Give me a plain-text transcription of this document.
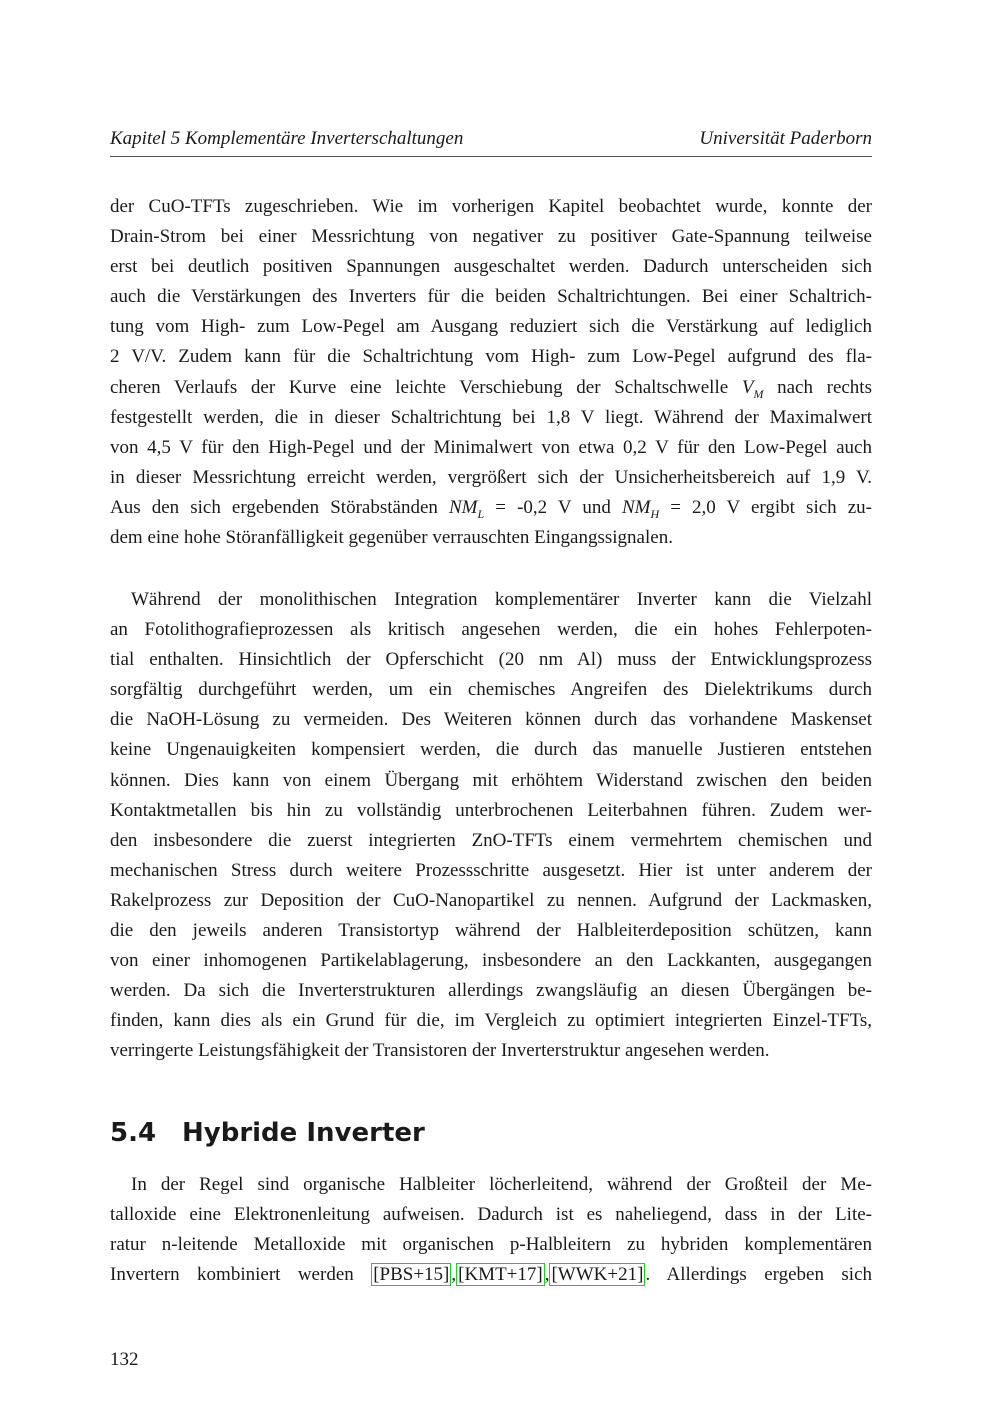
Kapitel 5 Komplementäre Inverterschaltungen	Universität Paderborn
der CuO-TFTs zugeschrieben. Wie im vorherigen Kapitel beobachtet wurde, konnte der
Drain-Strom bei einer Messrichtung von negativer zu positiver Gate-Spannung teilweise
erst bei deutlich positiven Spannungen ausgeschaltet werden. Dadurch unterscheiden sich
auch die Verstärkungen des Inverters für die beiden Schaltrichtungen. Bei einer Schaltrich-
tung vom High- zum Low-Pegel am Ausgang reduziert sich die Verstärkung auf lediglich
2 V/V. Zudem kann für die Schaltrichtung vom High- zum Low-Pegel aufgrund des fla-
cheren Verlaufs der Kurve eine leichte Verschiebung der Schaltschwelle $V_M$ nach rechts
festgestellt werden, die in dieser Schaltrichtung bei 1,8 V liegt. Während der Maximalwert
von 4,5 V für den High-Pegel und der Minimalwert von etwa 0,2 V für den Low-Pegel auch
in dieser Messrichtung erreicht werden, vergrößert sich der Unsicherheitsbereich auf 1,9 V.
Aus den sich ergebenden Störabständen $NM_L = -0,2$ V und $NM_H = 2,0$ V ergibt sich zu-
dem eine hohe Störanfälligkeit gegenüber verrauschten Eingangssignalen.
Während der monolithischen Integration komplementärer Inverter kann die Vielzahl
an Fotolithografieprozessen als kritisch angesehen werden, die ein hohes Fehlerpoten-
tial enthalten. Hinsichtlich der Opferschicht (20 nm Al) muss der Entwicklungsprozess
sorgfältig durchgeführt werden, um ein chemisches Angreifen des Dielektrikums durch
die NaOH-Lösung zu vermeiden. Des Weiteren können durch das vorhandene Maskenset
keine Ungenauigkeiten kompensiert werden, die durch das manuelle Justieren entstehen
können. Dies kann von einem Übergang mit erhöhtem Widerstand zwischen den beiden
Kontaktmetallen bis hin zu vollständig unterbrochenen Leiterbahnen führen. Zudem wer-
den insbesondere die zuerst integrierten ZnO-TFTs einem vermehrtem chemischen und
mechanischen Stress durch weitere Prozessschritte ausgesetzt. Hier ist unter anderem der
Rakelprozess zur Deposition der CuO-Nanopartikel zu nennen. Aufgrund der Lackmasken,
die den jeweils anderen Transistortyp während der Halbleiterdeposition schützen, kann
von einer inhomogenen Partikelablagerung, insbesondere an den Lackkanten, ausgegangen
werden. Da sich die Inverterstrukturen allerdings zwangsläufig an diesen Übergängen be-
finden, kann dies als ein Grund für die, im Vergleich zu optimiert integrierten Einzel-TFTs,
verringerte Leistungsfähigkeit der Transistoren der Inverterstruktur angesehen werden.
5.4 Hybride Inverter
In der Regel sind organische Halbleiter löcherleitend, während der Großteil der Me-
talloxide eine Elektronenleitung aufweisen. Dadurch ist es naheliegend, dass in der Lite-
ratur n-leitende Metalloxide mit organischen p-Halbleitern zu hybriden komplementären
Invertern kombiniert werden [PBS+15] , [KMT+17] , [WWK+21] . Allerdings ergeben sich
132
